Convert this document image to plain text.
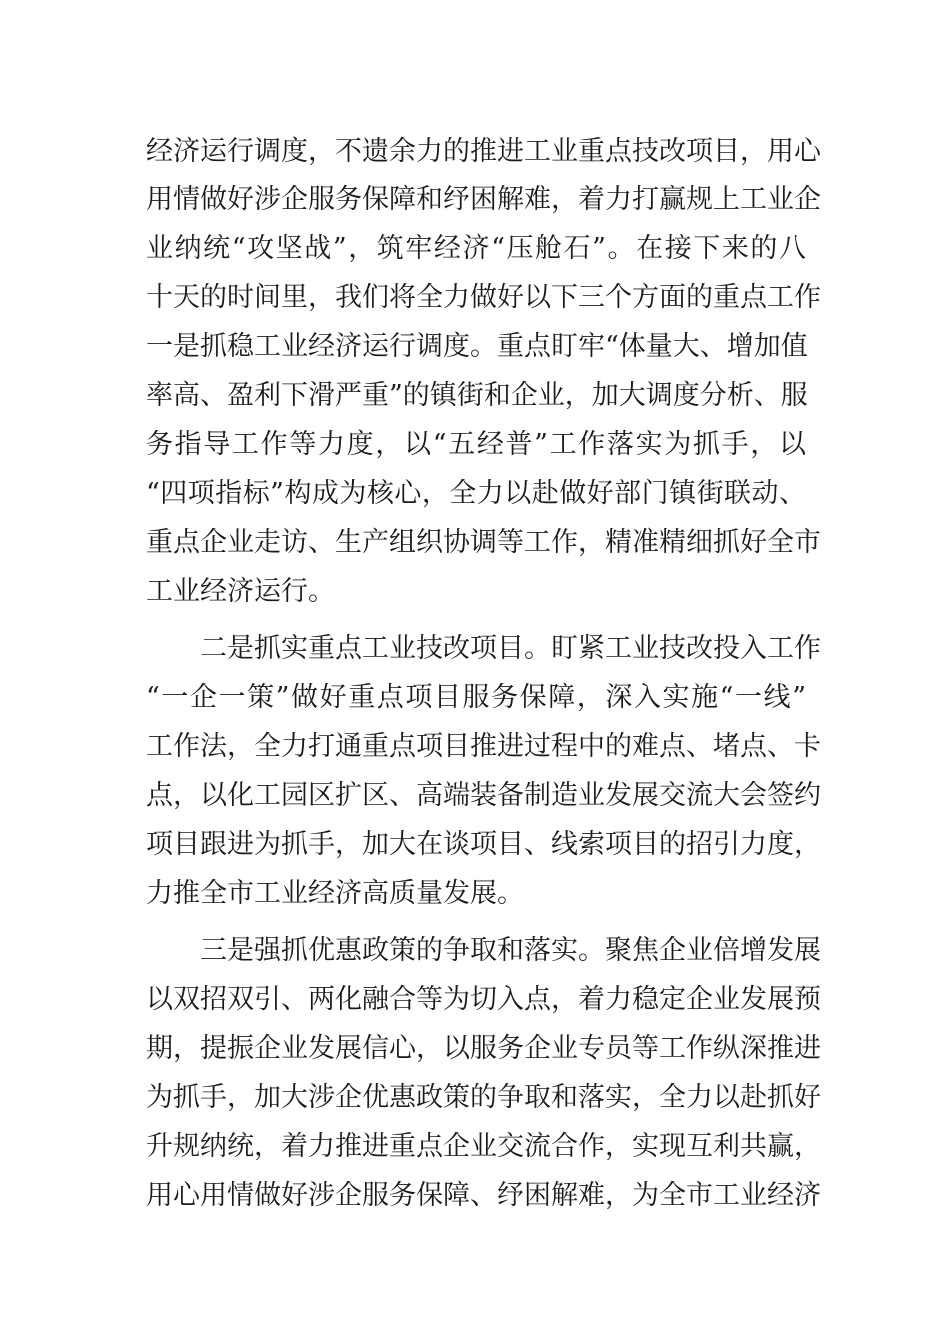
经济运行调度，不遗余力的推进工业重点技改项目，用心
用情做好涉企服务保障和纾困解难，着力打赢规上工业企
业纳统“攻坚战”，筑牢经济“压舱石”。在接下来的八
十天的时间里，我们将全力做好以下三个方面的重点工作
一是抓稳工业经济运行调度。重点盯牢“体量大、增加值
率高、盈利下滑严重”的镇街和企业，加大调度分析、服
务指导工作等力度，以“五经普”工作落实为抓手，以
“四项指标”构成为核心，全力以赴做好部门镇街联动、
重点企业走访、生产组织协调等工作，精准精细抓好全市
工业经济运行。
二是抓实重点工业技改项目。盯紧工业技改投入工作
“一企一策”做好重点项目服务保障，深入实施“一线”
工作法，全力打通重点项目推进过程中的难点、堵点、卡
点，以化工园区扩区、高端装备制造业发展交流大会签约
项目跟进为抓手，加大在谈项目、线索项目的招引力度，
力推全市工业经济高质量发展。
三是强抓优惠政策的争取和落实。聚焦企业倍增发展
以双招双引、两化融合等为切入点，着力稳定企业发展预
期，提振企业发展信心，以服务企业专员等工作纵深推进
为抓手，加大涉企优惠政策的争取和落实，全力以赴抓好
升规纳统，着力推进重点企业交流合作，实现互利共赢，
用心用情做好涉企服务保障、纾困解难，为全市工业经济
